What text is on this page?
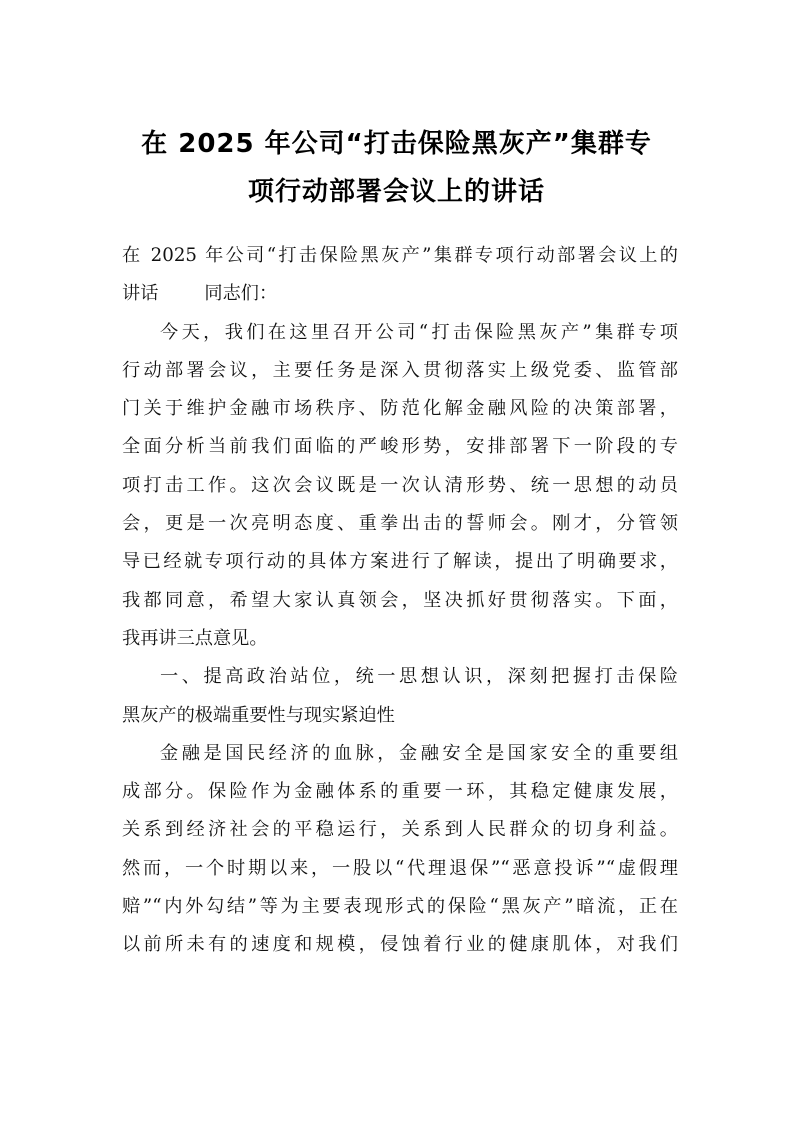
在 2025 年公司“打击保险黑灰产”集群专
项行动部署会议上的讲话
在 2025 年公司“打击保险黑灰产”集群专项行动部署会议上的
讲话	同志们：
今天，我们在这里召开公司“打击保险黑灰产”集群专项
行动部署会议，主要任务是深入贯彻落实上级党委、监管部
门关于维护金融市场秩序、防范化解金融风险的决策部署，
全面分析当前我们面临的严峻形势，安排部署下一阶段的专
项打击工作。这次会议既是一次认清形势、统一思想的动员
会，更是一次亮明态度、重拳出击的誓师会。刚才，分管领
导已经就专项行动的具体方案进行了解读，提出了明确要求，
我都同意，希望大家认真领会，坚决抓好贯彻落实。下面，
我再讲三点意见。
一、提高政治站位，统一思想认识，深刻把握打击保险
黑灰产的极端重要性与现实紧迫性
金融是国民经济的血脉，金融安全是国家安全的重要组
成部分。保险作为金融体系的重要一环，其稳定健康发展，
关系到经济社会的平稳运行，关系到人民群众的切身利益。
然而，一个时期以来，一股以“代理退保”“恶意投诉”“虚假理
赔”“内外勾结”等为主要表现形式的保险“黑灰产”暗流，正在
以前所未有的速度和规模，侵蚀着行业的健康肌体，对我们
